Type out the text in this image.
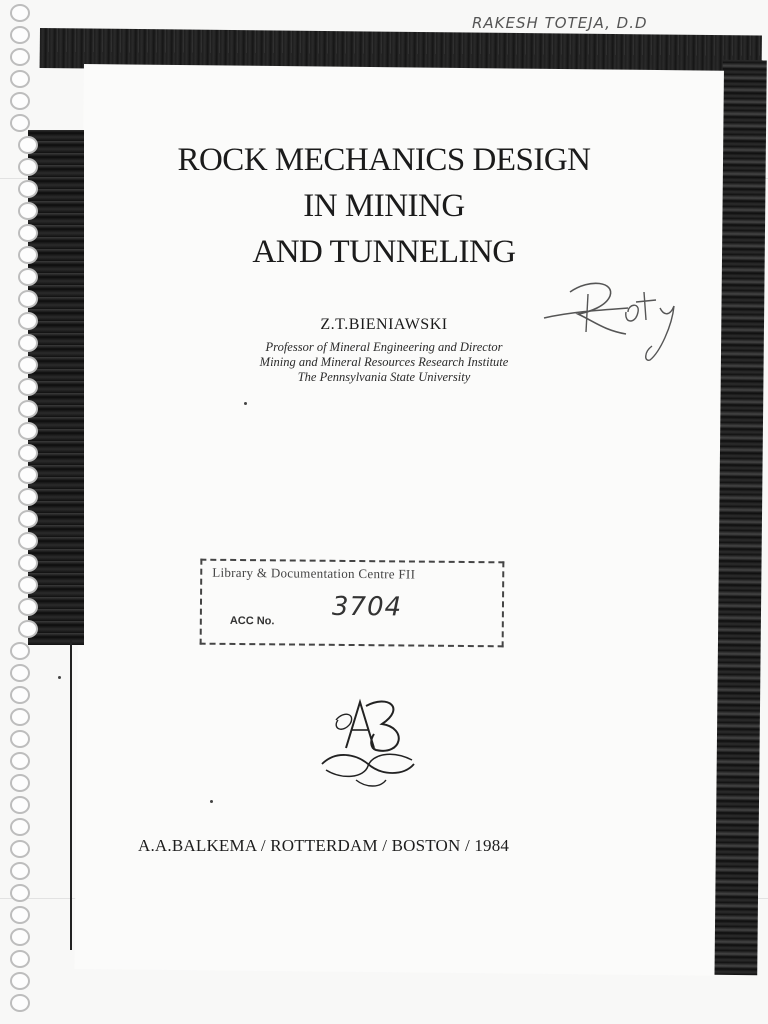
RAKESH TOTEJA, D.D
ROCK MECHANICS DESIGN
IN MINING
AND TUNNELING
Z.T.BIENIAWSKI
Professor of Mineral Engineering and Director
Mining and Mineral Resources Research Institute
The Pennsylvania State University
Library & Documentation Centre FII
ACC No. 3704
A.A.BALKEMA / ROTTERDAM / BOSTON / 1984
